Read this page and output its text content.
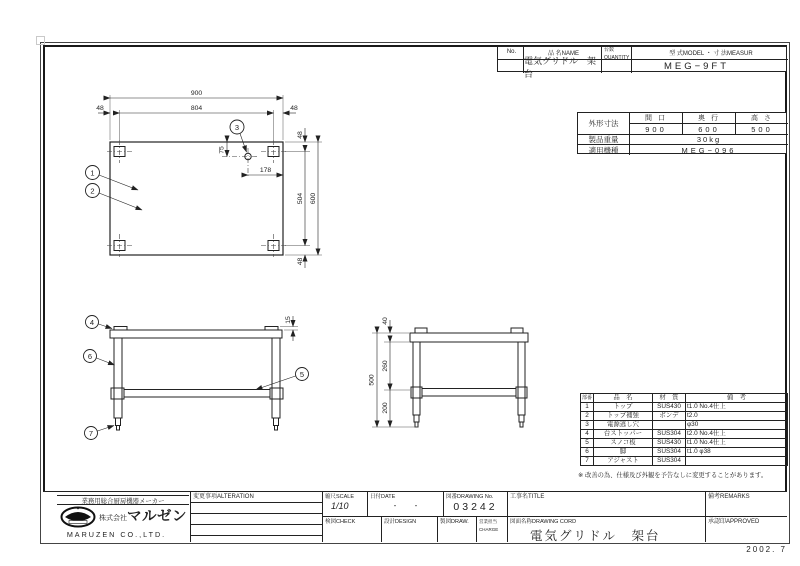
No.	品 名NAME
台数QUANTITY
型 式MODEL ・ 寸 法MEASUR
電気グリドル　架台
MEG−9FT
外形寸法
間 口	奥 行	高 さ
900	600	500
製品重量	30kg
適用機種	MEG−096
部番	品　名	材　質	備　考
1	トップ	SUS430	t1.0 No.4仕上
2	トップ補強	ボンデ	t2.0
3	電源逃し穴		φ30
4	台ストッパー	SUS304	t2.0 No.4仕上
5	スノコ板	SUS430	t1.0 No.4仕上
6	脚	SUS304	t1.0 φ38
7	アジャスト	SUS304	
※ 改善の為、仕様及び外観を予告なしに変更することがあります。
業務用総合厨房機器メーカー
株式会社 マルゼン
MARUZEN CO.,LTD.
変更事項ALTERATION	縮尺SCALE
1/10
日付DATE
・　　・
図番DRAWING No.
03242
工事名TITLE	備考REMARKS
検図CHECK	設計DESIGN	製図DRAW.	営業担当CHARGE
図面名称DRAWING CORD
電気グリドル　架台
承認印APPROVED
2002. 7
900
804
48	48
48
504
48
600
75
178
1
2
3
15
4
6
7
5	500
40
260
200
